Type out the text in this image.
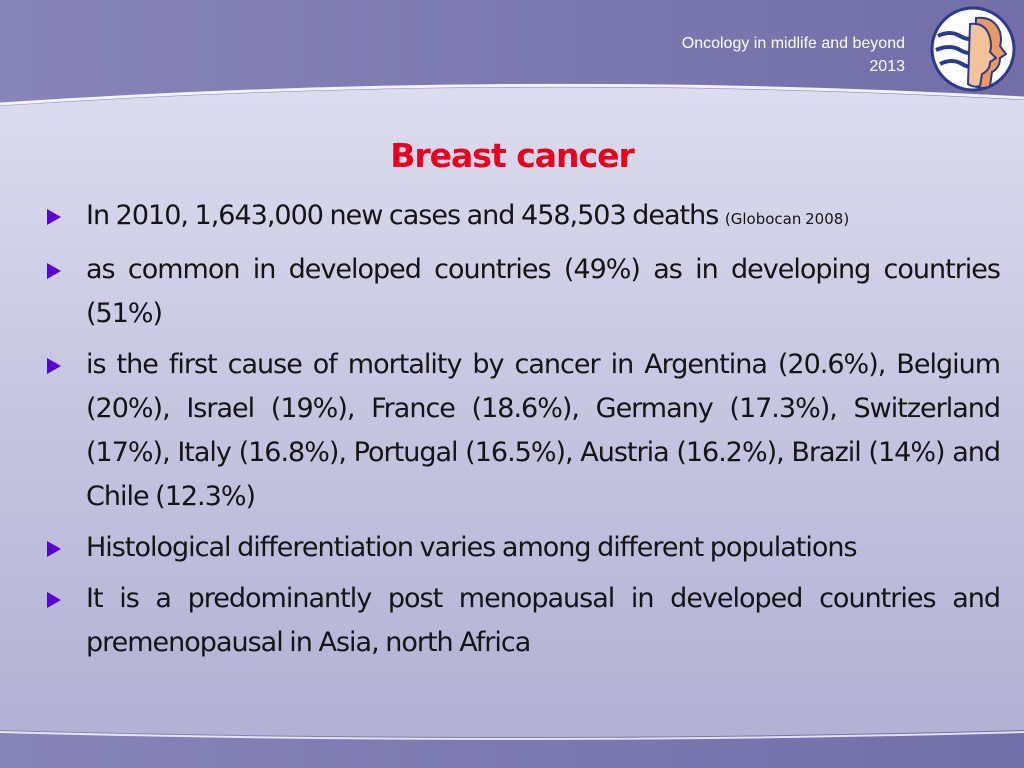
Oncology in midlife and beyond
2013
Breast cancer
In 2010, 1,643,000 new cases and 458,503 deaths (Globocan 2008)
as common in developed countries (49%) as in developing countries (51%)
is the first cause of mortality by cancer in Argentina (20.6%), Belgium (20%), Israel (19%), France (18.6%), Germany (17.3%), Switzerland (17%), Italy (16.8%), Portugal (16.5%), Austria (16.2%), Brazil (14%) and Chile (12.3%)
Histological differentiation varies among different populations
It is a predominantly post menopausal in developed countries and premenopausal in Asia, north Africa
